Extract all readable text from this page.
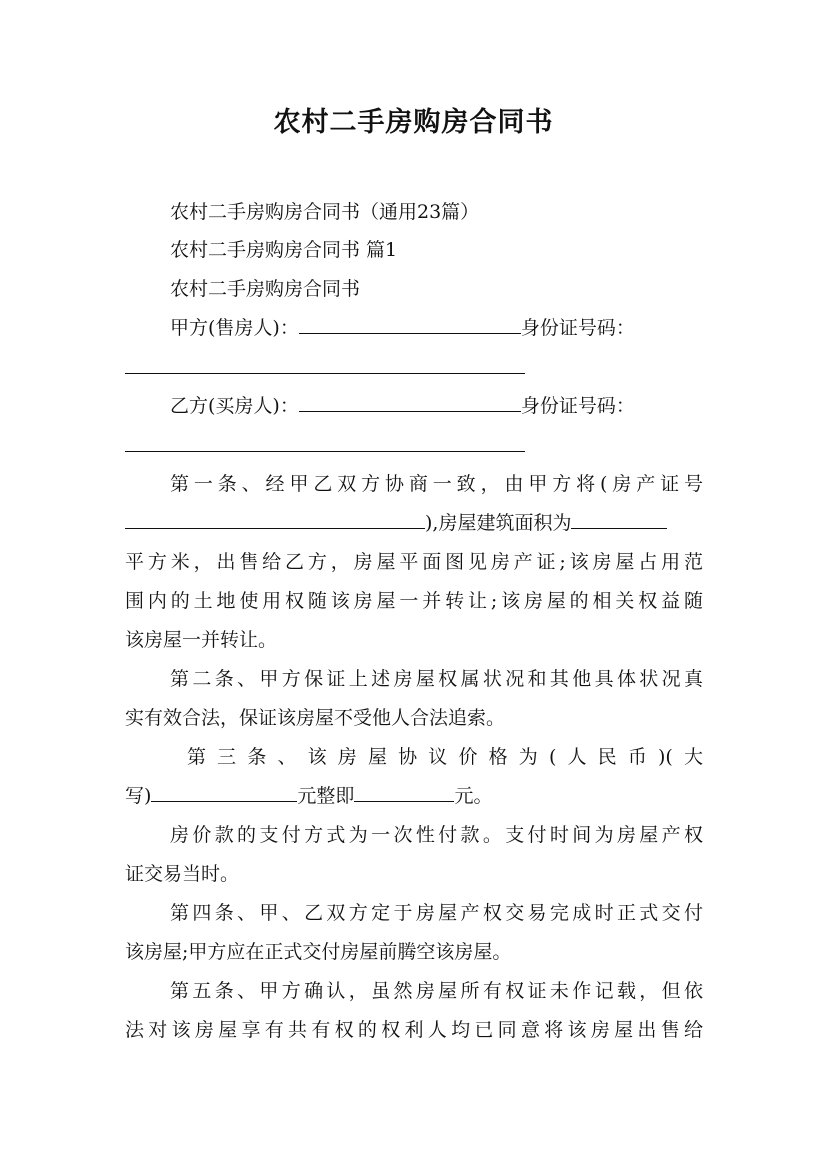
农村二手房购房合同书
农村二手房购房合同书（通用23篇）
农村二手房购房合同书 篇1
农村二手房购房合同书
甲方(售房人)：	身份证号码：
乙方(买房人)：	身份证号码：
第一条、经甲乙双方协商一致，由甲方将(房产证号
),房屋建筑面积为
平方米，出售给乙方，房屋平面图见房产证;该房屋占用范
围内的土地使用权随该房屋一并转让;该房屋的相关权益随
该房屋一并转让。
第二条、甲方保证上述房屋权属状况和其他具体状况真
实有效合法，保证该房屋不受他人合法追索。
第三条、该房屋协议价格为(人民币)(大
写)	元整即	元。
房价款的支付方式为一次性付款。支付时间为房屋产权
证交易当时。
第四条、甲、乙双方定于房屋产权交易完成时正式交付
该房屋;甲方应在正式交付房屋前腾空该房屋。
第五条、甲方确认，虽然房屋所有权证未作记载，但依
法对该房屋享有共有权的权利人均已同意将该房屋出售给
